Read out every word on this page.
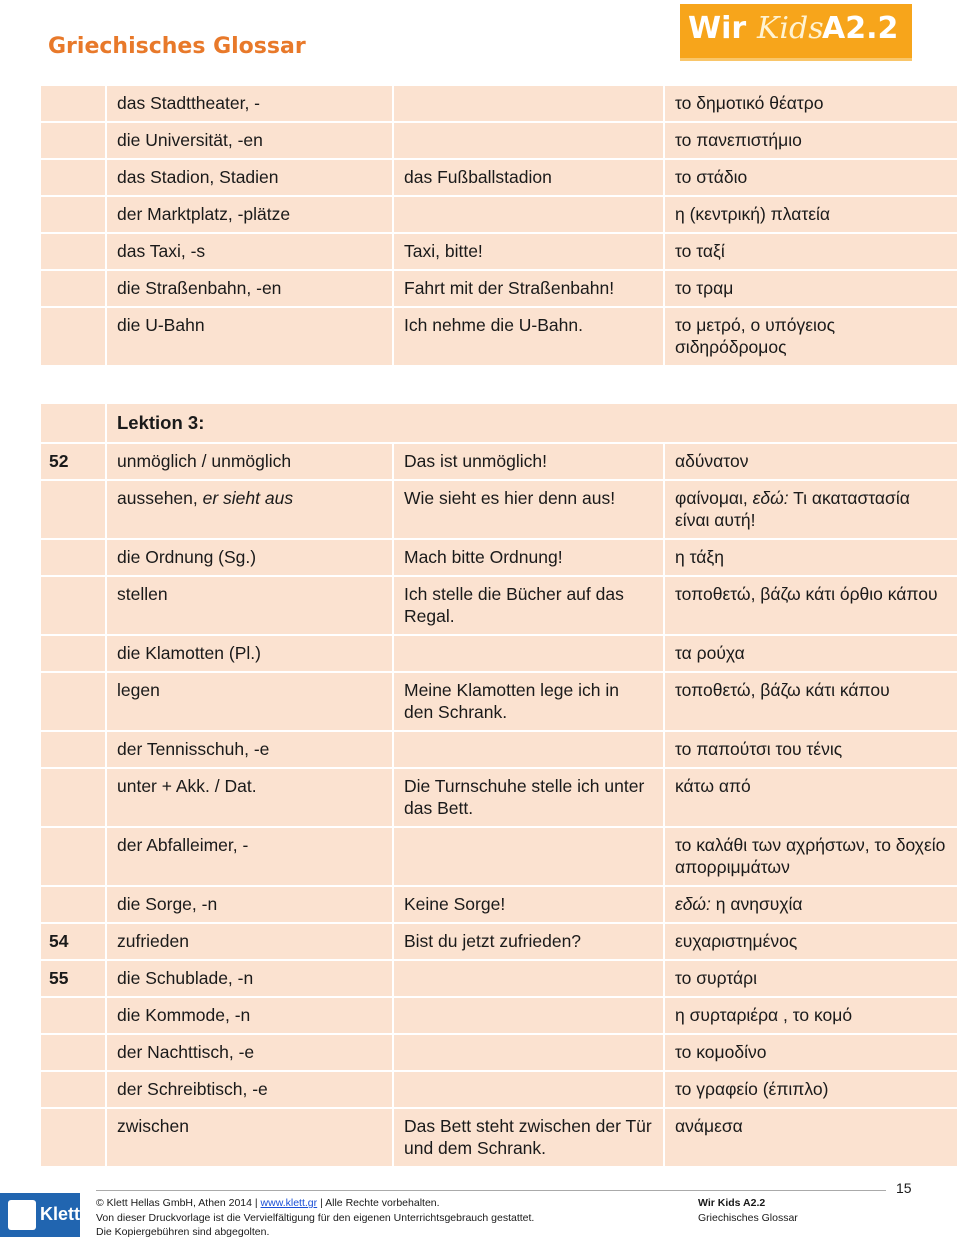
Griechisches Glossar
Wir Kids
A2.2
	das Stadttheater, -		το δημοτικό θέατρο
	die Universität, -en		το πανεπιστήμιο
	das Stadion, Stadien	das Fußballstadion	το στάδιο
	der Marktplatz, -plätze		η (κεντρική) πλατεία
	das Taxi, -s	Taxi, bitte!	το ταξί
	die Straßenbahn, -en	Fahrt mit der Straßenbahn!	το τραμ
	die U-Bahn	Ich nehme die U-Bahn.	το μετρό, ο υπόγειος σιδηρόδρομος
	Lektion 3:		
52	unmöglich / unmöglich	Das ist unmöglich!	αδύνατον
	aussehen, er sieht aus	Wie sieht es hier denn aus!	φαίνομαι, εδώ: Τι ακαταστασία είναι αυτή!
	die Ordnung (Sg.)	Mach bitte Ordnung!	η τάξη
	stellen	Ich stelle die Bücher auf das Regal.	τοποθετώ, βάζω κάτι όρθιο κάπου
	die Klamotten (Pl.)		τα ρούχα
	legen	Meine Klamotten lege ich in den Schrank.	τοποθετώ, βάζω κάτι κάπου
	der Tennisschuh, -e		το παπούτσι του τένις
	unter + Akk. / Dat.	Die Turnschuhe stelle ich unter das Bett.	κάτω από
	der Abfalleimer, -		το καλάθι των αχρήστων, το δοχείο απορριμμάτων
	die Sorge, -n	Keine Sorge!	εδώ: η ανησυχία
54	zufrieden	Bist du jetzt zufrieden?	ευχαριστημένος
55	die Schublade, -n		το συρτάρι
	die Kommode, -n		η συρταριέρα , το κομό
	der Nachttisch, -e		το κομοδίνο
	der Schreibtisch, -e		το γραφείο (έπιπλο)
	zwischen	Das Bett steht zwischen der Tür und dem Schrank.	ανάμεσα
15
Klett
© Klett Hellas GmbH, Athen 2014 | www.klett.gr | Alle Rechte vorbehalten.
Von dieser Druckvorlage ist die Vervielfältigung für den eigenen Unterrichtsgebrauch gestattet.
Die Kopiergebühren sind abgegolten.
Wir Kids A2.2
Griechisches Glossar
